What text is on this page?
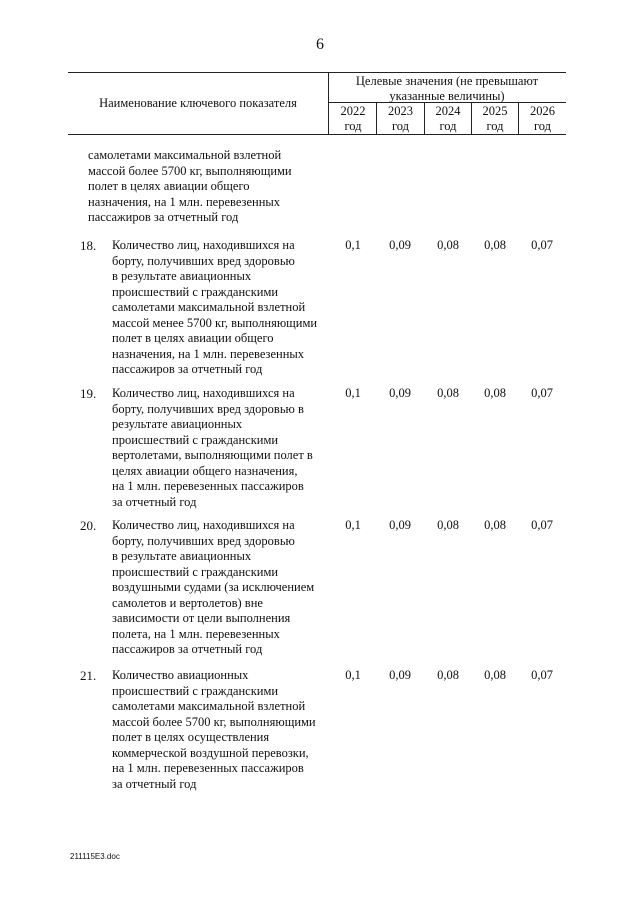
6
Наименование ключевого показателя
Целевые значения (не превышают указанные величины)
2022
год
2023
год
2024
год
2025
год
2026
год
самолетами максимальной взлетной
массой более 5700 кг, выполняющими
полет в целях авиации общего
назначения, на 1 млн. перевезенных
пассажиров за отчетный год
18. Количество лиц, находившихся на
борту, получивших вред здоровью
в результате авиационных
происшествий с гражданскими
самолетами максимальной взлетной
массой менее 5700 кг, выполняющими
полет в целях авиации общего
назначения, на 1 млн. перевезенных
пассажиров за отчетный год
0,1	0,09	0,08	0,08	0,07
19. Количество лиц, находившихся на
борту, получивших вред здоровью в
результате авиационных
происшествий с гражданскими
вертолетами, выполняющими полет в
целях авиации общего назначения,
на 1 млн. перевезенных пассажиров
за отчетный год
0,1	0,09	0,08	0,08	0,07
20. Количество лиц, находившихся на
борту, получивших вред здоровью
в результате авиационных
происшествий с гражданскими
воздушными судами (за исключением
самолетов и вертолетов) вне
зависимости от цели выполнения
полета, на 1 млн. перевезенных
пассажиров за отчетный год
0,1	0,09	0,08	0,08	0,07
21. Количество авиационных
происшествий с гражданскими
самолетами максимальной взлетной
массой более 5700 кг, выполняющими
полет в целях осуществления
коммерческой воздушной перевозки,
на 1 млн. перевезенных пассажиров
за отчетный год
0,1	0,09	0,08	0,08	0,07
211115E3.doc
